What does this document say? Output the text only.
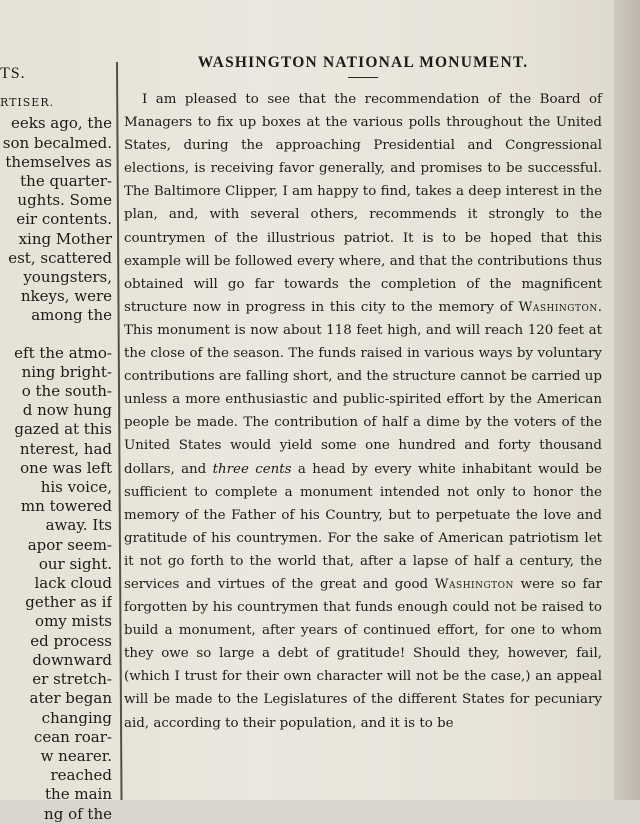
TS.
RTISER.
eeks ago, the
son becalmed.
themselves as
the quarter-
ughts. Some
eir contents.
xing Mother
est, scattered
youngsters,
nkeys, were
among the
eft the atmo-
ning bright-
o the south-
d now hung
gazed at this
nterest, had
one was left
his voice,
mn towered
away. Its
apor seem-
our sight.
lack cloud
gether as if
omy mists
ed process
downward
er stretch-
ater began
changing
cean roar-
w nearer.
reached
the main
ng of the
WASHINGTON NATIONAL MONUMENT.

I am pleased to see that the recommendation of the Board of Managers to fix up boxes at the various polls throughout the United States, during the approaching Presidential and Congressional elections, is receiving favor generally, and promises to be successful. The Baltimore Clipper, I am happy to find, takes a deep interest in the plan, and, with several others, recommends it strongly to the countrymen of the illustrious patriot. It is to be hoped that this example will be followed every where, and that the contributions thus obtained will go far towards the completion of the magnificent structure now in progress in this city to the memory of Washington. This monument is now about 118 feet high, and will reach 120 feet at the close of the season. The funds raised in various ways by voluntary contributions are falling short, and the structure cannot be carried up unless a more enthusiastic and public-spirited effort by the American people be made. The contribution of half a dime by the voters of the United States would yield some one hundred and forty thousand dollars, and three cents a head by every white inhabitant would be sufficient to complete a monument intended not only to honor the memory of the Father of his Country, but to perpetuate the love and gratitude of his countrymen. For the sake of American patriotism let it not go forth to the world that, after a lapse of half a century, the services and virtues of the great and good Washington were so far forgotten by his countrymen that funds enough could not be raised to build a monument, after years of continued effort, for one to whom they owe so large a debt of gratitude! Should they, however, fail, (which I trust for their own character will not be the case,) an appeal will be made to the Legislatures of the different States for pecuniary aid, according to their population, and it is to be
